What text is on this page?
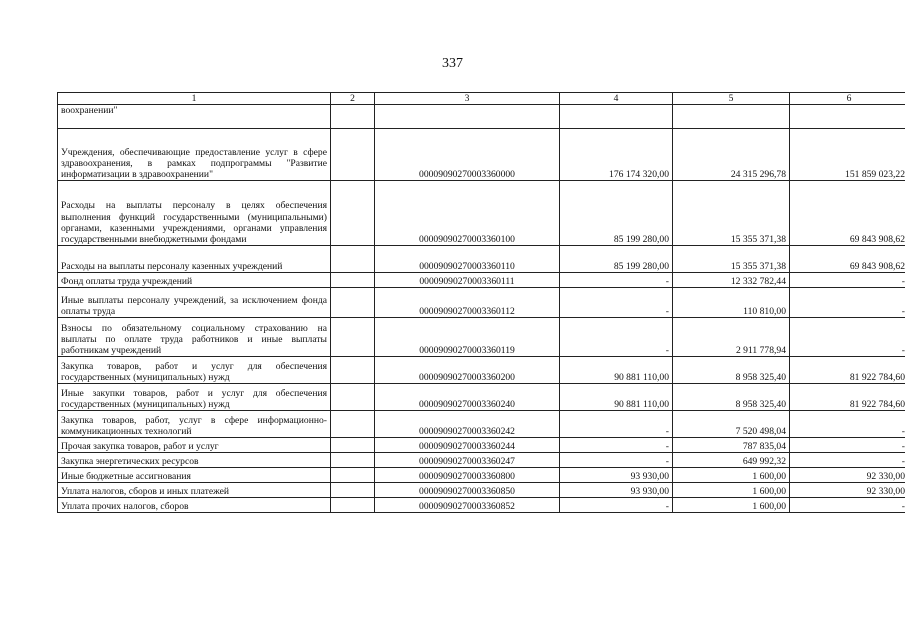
337
1	2	3	4	5	6
воохранении"					
Учреждения, обеспечивающие предоставление услуг в сфере здравоохранения, в рамках подпрограммы "Развитие информатизации в здравоохранении"		00009090270003360000	176 174 320,00	24 315 296,78	151 859 023,22
Расходы на выплаты персоналу в целях обеспечения выполнения функций государственными (муниципальными) органами, казенными учреждениями, органами управления государственными внебюджетными фондами		00009090270003360100	85 199 280,00	15 355 371,38	69 843 908,62
Расходы на выплаты персоналу казенных учреждений		00009090270003360110	85 199 280,00	15 355 371,38	69 843 908,62
Фонд оплаты труда учреждений		00009090270003360111	-	12 332 782,44	-
Иные выплаты персоналу учреждений, за исключением фонда оплаты труда		00009090270003360112	-	110 810,00	-
Взносы по обязательному социальному страхованию на выплаты по оплате труда работников и иные выплаты работникам учреждений		00009090270003360119	-	2 911 778,94	-
Закупка товаров, работ и услуг для обеспечения государственных (муниципальных) нужд		00009090270003360200	90 881 110,00	8 958 325,40	81 922 784,60
Иные закупки товаров, работ и услуг для обеспечения государственных (муниципальных) нужд		00009090270003360240	90 881 110,00	8 958 325,40	81 922 784,60
Закупка товаров, работ, услуг в сфере информационно-коммуникационных технологий		00009090270003360242	-	7 520 498,04	-
Прочая закупка товаров, работ и услуг		00009090270003360244	-	787 835,04	-
Закупка энергетических ресурсов		00009090270003360247	-	649 992,32	-
Иные бюджетные ассигнования		00009090270003360800	93 930,00	1 600,00	92 330,00
Уплата налогов, сборов и иных платежей		00009090270003360850	93 930,00	1 600,00	92 330,00
Уплата прочих налогов, сборов		00009090270003360852	-	1 600,00	-
